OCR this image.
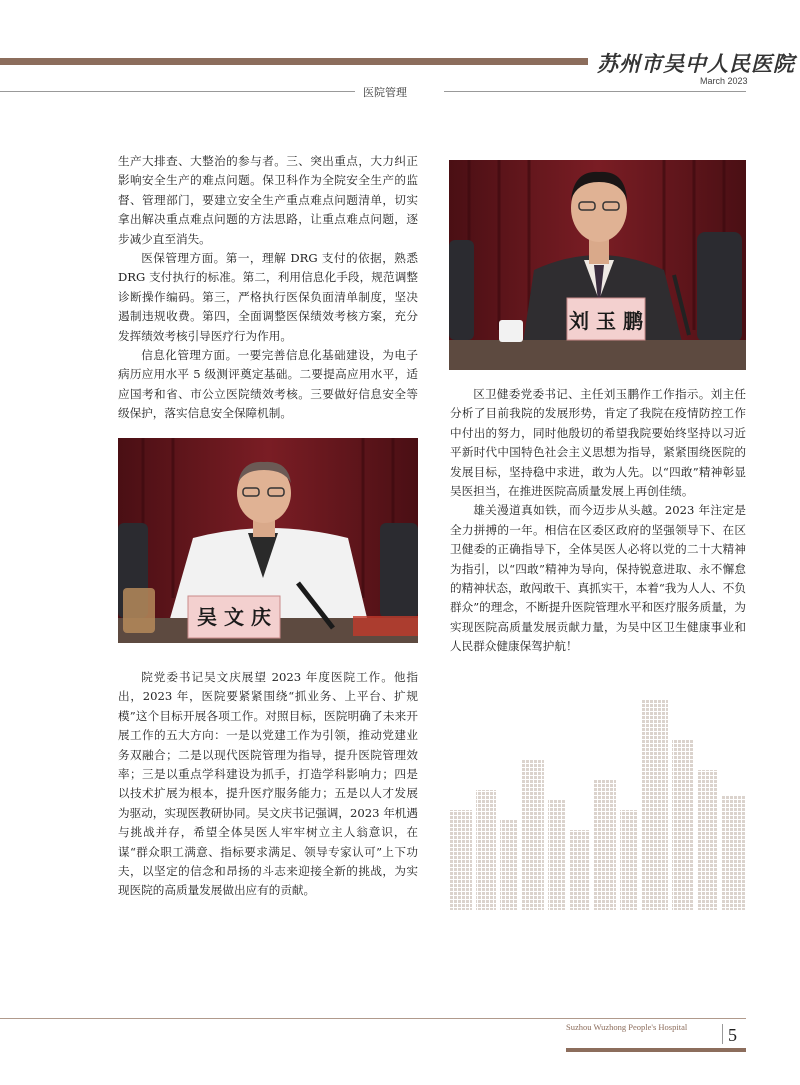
苏州市吴中人民医院
March 2023
医院管理

生产大排查、大整治的参与者。三、突出重点，大力纠正影响安全生产的难点问题。保卫科作为全院安全生产的监督、管理部门，要建立安全生产重点难点问题清单，切实拿出解决重点难点问题的方法思路，让重点难点问题，逐步减少直至消失。

医保管理方面。第一，理解 DRG 支付的依据，熟悉 DRG 支付执行的标准。第二，利用信息化手段，规范调整诊断操作编码。第三，严格执行医保负面清单制度，坚决遏制违规收费。第四，全面调整医保绩效考核方案，充分发挥绩效考核引导医疗行为作用。

信息化管理方面。一要完善信息化基础建设，为电子病历应用水平 5 级测评奠定基础。二要提高应用水平，适应国考和省、市公立医院绩效考核。三要做好信息安全等级保护，落实信息安全保障机制。

刘 玉 鹏

区卫健委党委书记、主任刘玉鹏作工作指示。刘主任分析了目前我院的发展形势，肯定了我院在疫情防控工作中付出的努力，同时他殷切的希望我院要始终坚持以习近平新时代中国特色社会主义思想为指导，紧紧围绕医院的发展目标，坚持稳中求进，敢为人先。以“四敢”精神彰显吴医担当，在推进医院高质量发展上再创佳绩。

雄关漫道真如铁，而今迈步从头越。2023 年注定是全力拼搏的一年。相信在区委区政府的坚强领导下、在区卫健委的正确指导下，全体吴医人必将以党的二十大精神为指引，以“四敢”精神为导向，保持锐意进取、永不懈怠的精神状态，敢闯敢干、真抓实干，本着“我为人人、不负群众”的理念，不断提升医院管理水平和医疗服务质量，为实现医院高质量发展贡献力量，为吴中区卫生健康事业和人民群众健康保驾护航！

吴 文 庆

院党委书记吴文庆展望 2023 年度医院工作。他指出，2023 年，医院要紧紧围绕“抓业务、上平台、扩规模”这个目标开展各项工作。对照目标，医院明确了未来开展工作的五大方向：一是以党建工作为引领，推动党建业务双融合；二是以现代医院管理为指导，提升医院管理效率；三是以重点学科建设为抓手，打造学科影响力；四是以技术扩展为根本，提升医疗服务能力；五是以人才发展为驱动，实现医教研协同。吴文庆书记强调，2023 年机遇与挑战并存，希望全体吴医人牢牢树立主人翁意识，在谋“群众职工满意、指标要求满足、领导专家认可”上下功夫，以坚定的信念和昂扬的斗志来迎接全新的挑战，为实现医院的高质量发展做出应有的贡献。

Suzhou Wuzhong People's Hospital 5
